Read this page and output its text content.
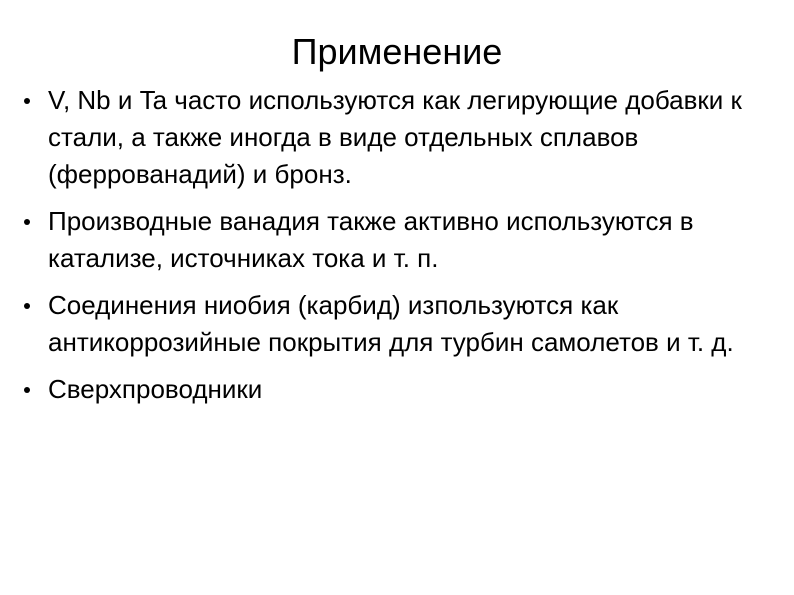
Применение
V, Nb и Ta часто используются как легирующие добавки к стали, а также иногда в виде отдельных сплавов (феррованадий) и бронз.
Производные ванадия также активно используются в катализе, источниках тока и т. п.
Соединения ниобия (карбид) изпользуются как антикоррозийные покрытия для турбин самолетов и т. д.
Сверхпроводники
